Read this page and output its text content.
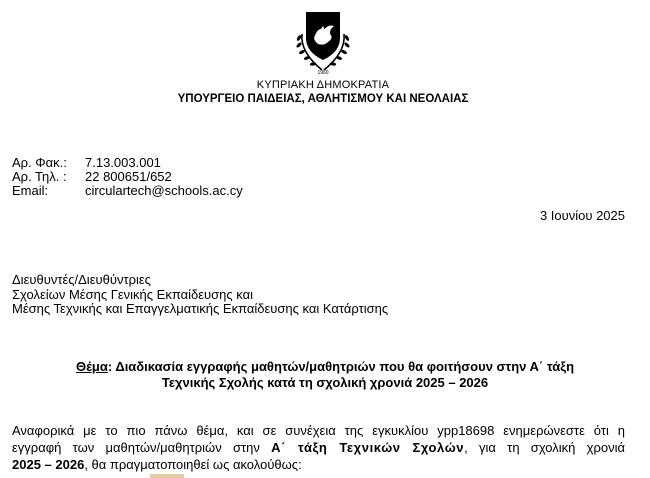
1960
ΚΥΠΡΙΑΚΗ ΔΗΜΟΚΡΑΤΙΑ
ΥΠΟΥΡΓΕΙΟ ΠΑΙΔΕΙΑΣ, ΑΘΛΗΤΙΣΜΟΥ ΚΑΙ ΝΕΟΛΑΙΑΣ
Αρ. Φακ.:	7.13.003.001
Αρ. Τηλ. :	22 800651/652
Email:	circulartech@schools.ac.cy
3 Ιουνίου 2025
Διευθυντές/Διευθύντριες
Σχολείων Μέσης Γενικής Εκπαίδευσης και
Μέσης Τεχνικής και Επαγγελματικής Εκπαίδευσης και Κατάρτισης
Θέμα: Διαδικασία εγγραφής μαθητών/μαθητριών που θα φοιτήσουν στην Α΄ τάξη
Τεχνικής Σχολής κατά τη σχολική χρονιά 2025 – 2026
Αναφορικά με το πιο πάνω θέμα, και σε συνέχεια της εγκυκλίου ypp18698 ενημερώνεστε ότι η
εγγραφή των μαθητών/μαθητριών στην Α΄ τάξη Τεχνικών Σχολών, για τη σχολική χρονιά
2025 – 2026, θα πραγματοποιηθεί ως ακολούθως:
